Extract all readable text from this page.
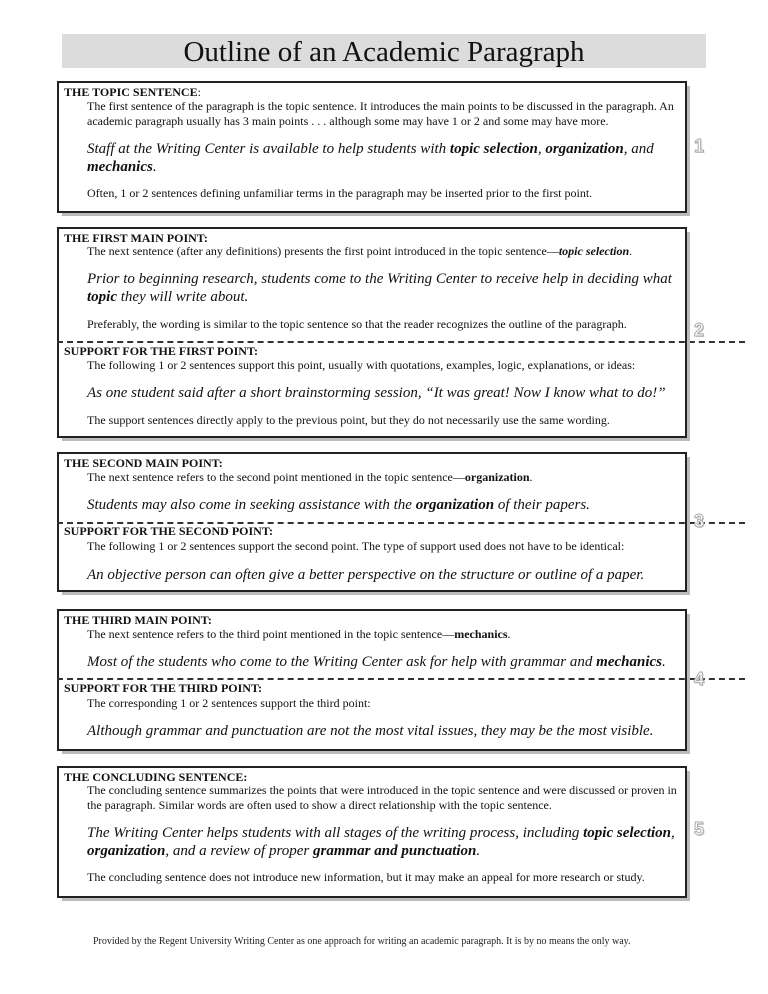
Outline of an Academic Paragraph
THE TOPIC SENTENCE:
The first sentence of the paragraph is the topic sentence. It introduces the main points to be discussed in the paragraph. An academic paragraph usually has 3 main points . . . although some may have 1 or 2 and some may have more.
Staff at the Writing Center is available to help students with topic selection, organization, and mechanics.
Often, 1 or 2 sentences defining unfamiliar terms in the paragraph may be inserted prior to the first point.
1
THE FIRST MAIN POINT:
The next sentence (after any definitions) presents the first point introduced in the topic sentence—topic selection.
Prior to beginning research, students come to the Writing Center to receive help in deciding what topic they will write about.
Preferably, the wording is similar to the topic sentence so that the reader recognizes the outline of the paragraph.
SUPPORT FOR THE FIRST POINT:
The following 1 or 2 sentences support this point, usually with quotations, examples, logic, explanations, or ideas:
As one student said after a short brainstorming session, “It was great! Now I know what to do!”
The support sentences directly apply to the previous point, but they do not necessarily use the same wording.
2
THE SECOND MAIN POINT:
The next sentence refers to the second point mentioned in the topic sentence—organization.
Students may also come in seeking assistance with the organization of their papers.
SUPPORT FOR THE SECOND POINT:
The following 1 or 2 sentences support the second point. The type of support used does not have to be identical:
An objective person can often give a better perspective on the structure or outline of a paper.
3
THE THIRD MAIN POINT:
The next sentence refers to the third point mentioned in the topic sentence—mechanics.
Most of the students who come to the Writing Center ask for help with grammar and mechanics.
SUPPORT FOR THE THIRD POINT:
The corresponding 1 or 2 sentences support the third point:
Although grammar and punctuation are not the most vital issues, they may be the most visible.
4
THE CONCLUDING SENTENCE:
The concluding sentence summarizes the points that were introduced in the topic sentence and were discussed or proven in the paragraph. Similar words are often used to show a direct relationship with the topic sentence.
The Writing Center helps students with all stages of the writing process, including topic selection, organization, and a review of proper grammar and punctuation.
The concluding sentence does not introduce new information, but it may make an appeal for more research or study.
5
Provided by the Regent University Writing Center as one approach for writing an academic paragraph. It is by no means the only way.
